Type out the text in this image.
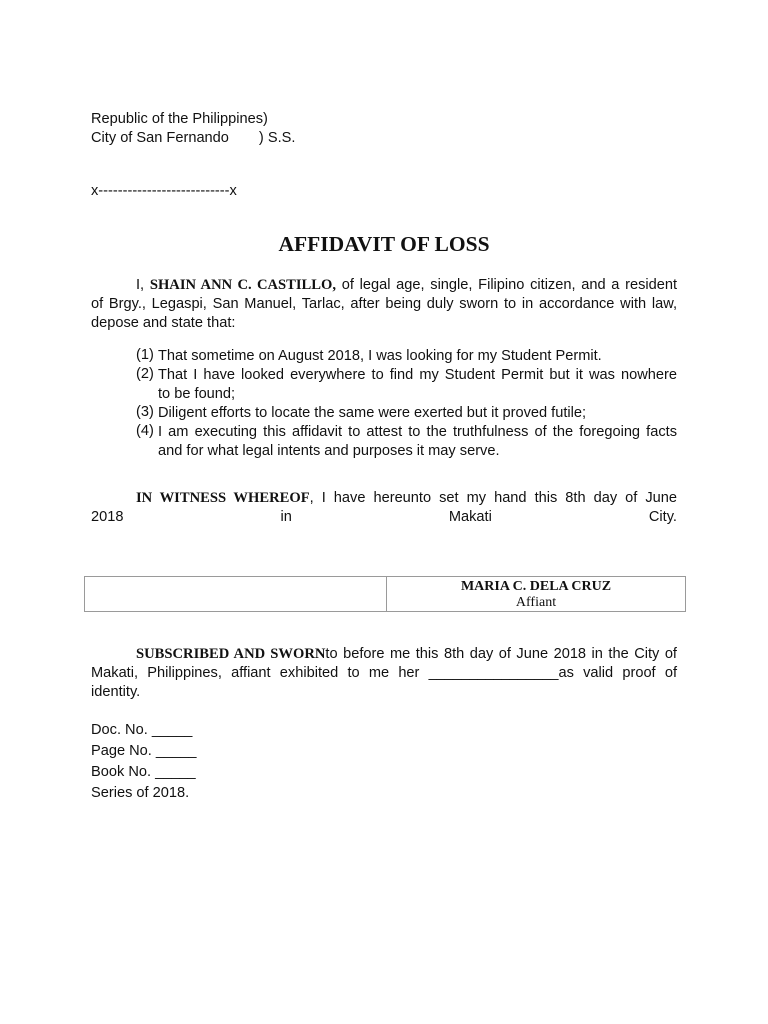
Republic of the Philippines)
City of San Fernando ) S.S.
x---------------------------x
AFFIDAVIT OF LOSS
I, SHAIN ANN C. CASTILLO, of legal age, single, Filipino citizen, and a resident
of Brgy., Legaspi, San Manuel, Tarlac, after being duly sworn to in accordance with law,
depose and state that:
(1) That sometime on August 2018, I was looking for my Student Permit.
(2) That I have looked everywhere to find my Student Permit but it was nowhere
to be found;
(3) Diligent efforts to locate the same were exerted but it proved futile;
(4) I am executing this affidavit to attest to the truthfulness of the foregoing facts
and for what legal intents and purposes it may serve.
IN WITNESS WHEREOF, I have hereunto set my hand this 8th day of June
2018	in	Makati	City.
MARIA C. DELA CRUZ
Affiant
SUBSCRIBED AND SWORNto before me this 8th day of June 2018 in the City of
Makati, Philippines, affiant exhibited to me her ________________as valid proof of
identity.
Doc. No. _____
Page No. _____
Book No. _____
Series of 2018.
